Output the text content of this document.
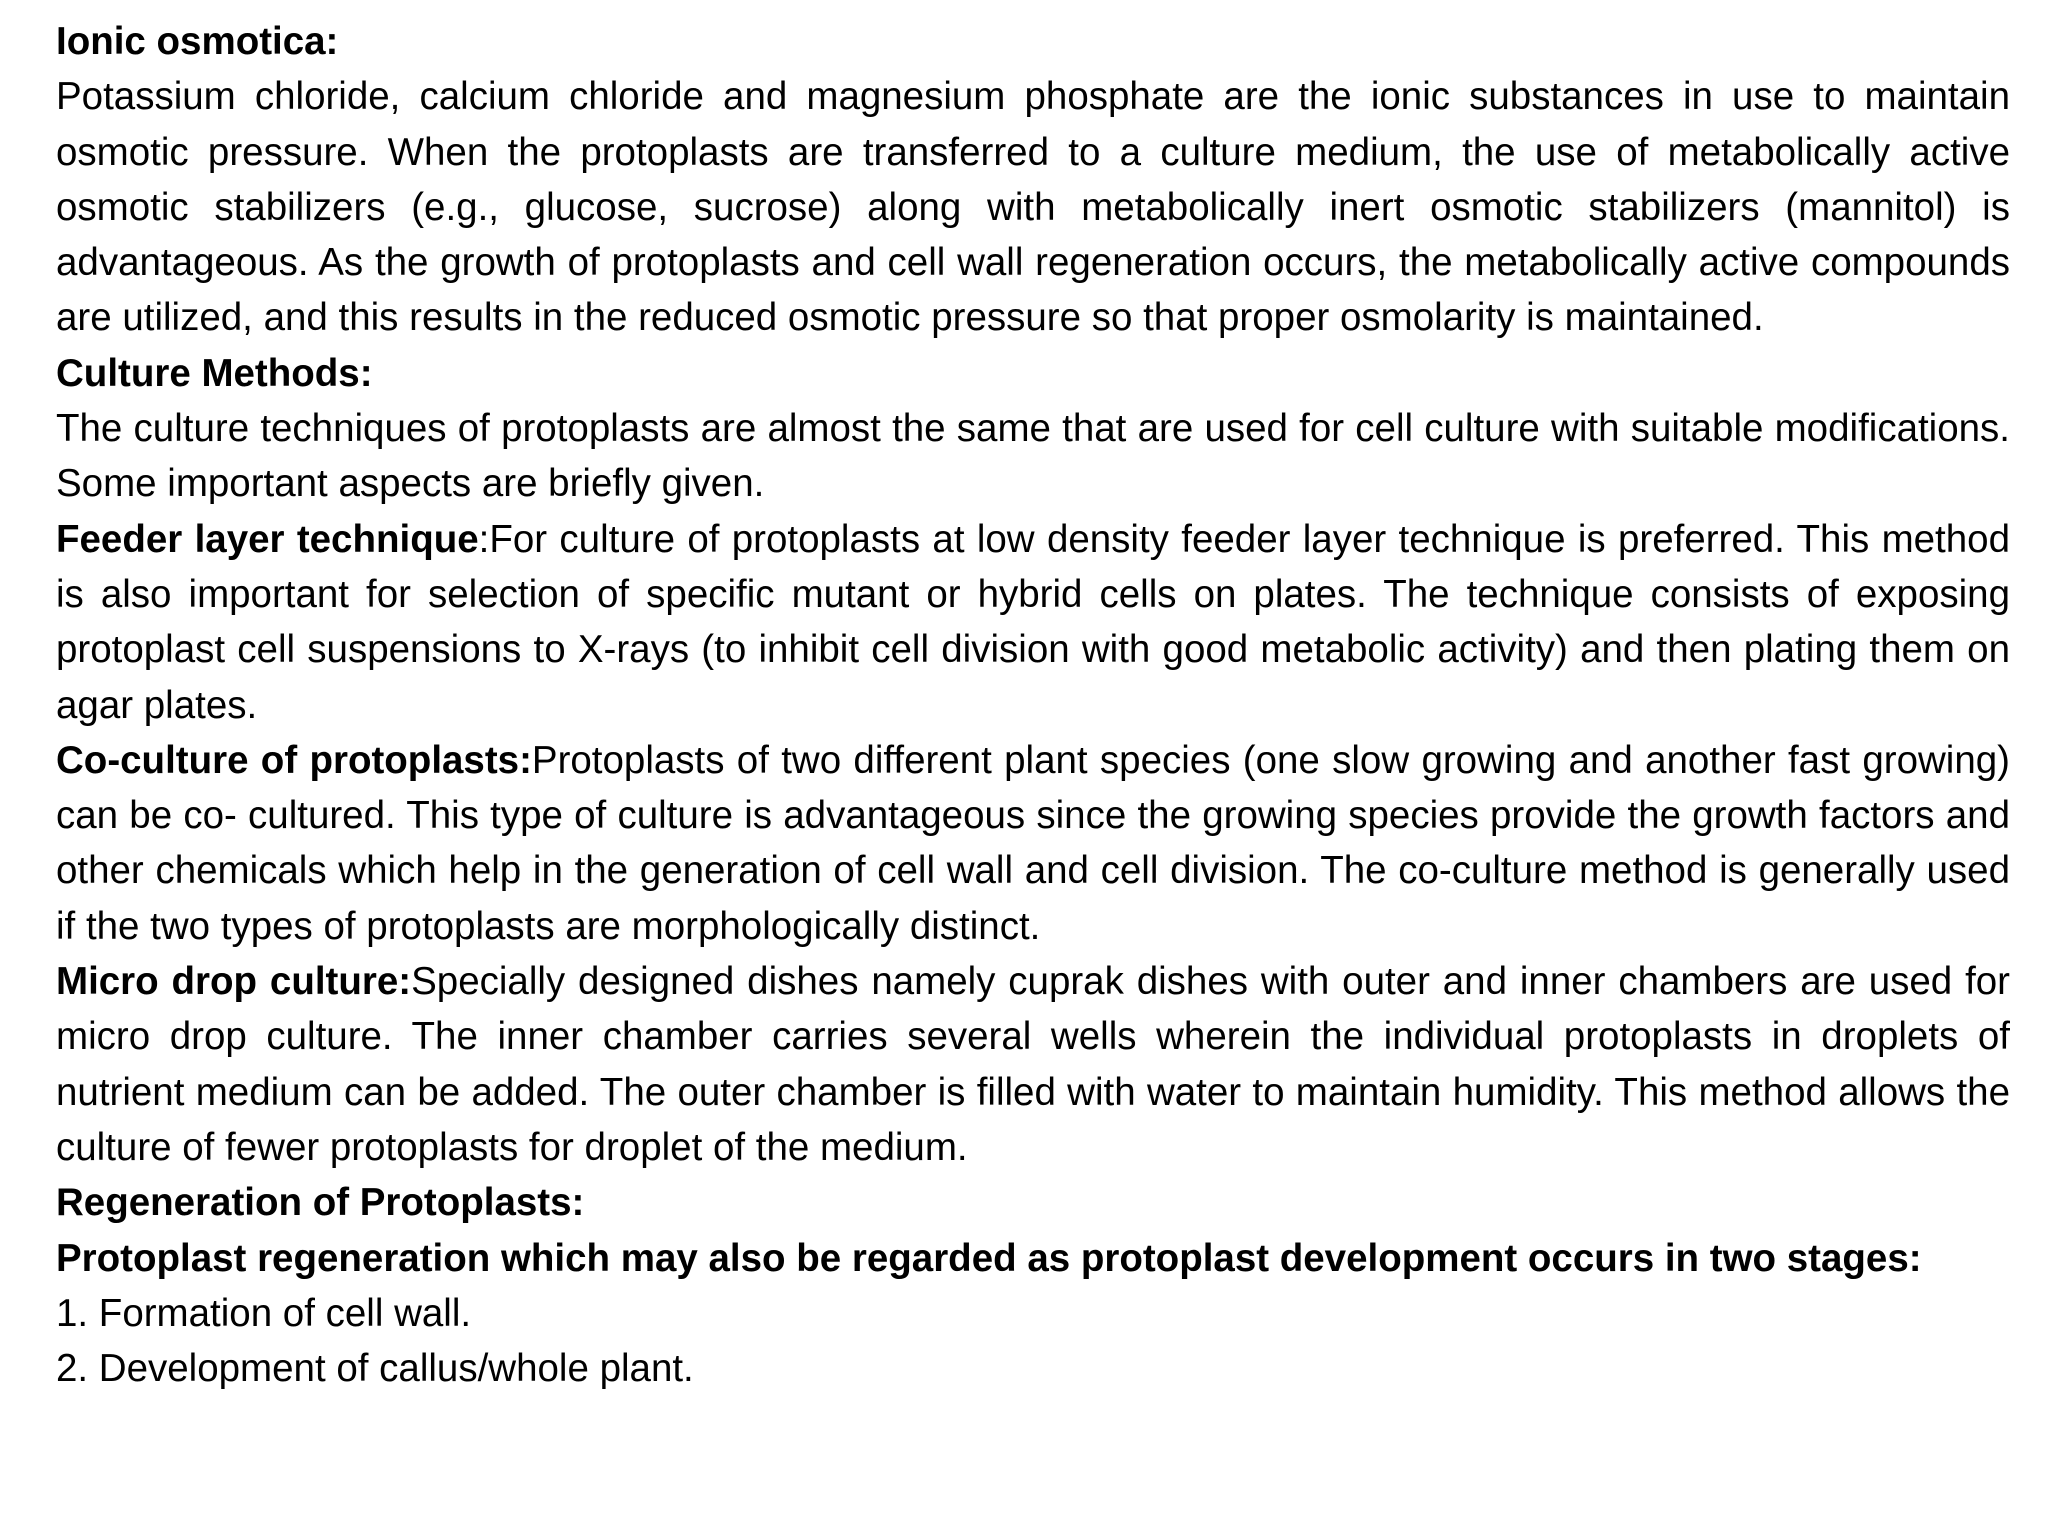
Ionic osmotica:
Potassium chloride, calcium chloride and magnesium phosphate are the ionic substances in use to maintain osmotic pressure. When the protoplasts are transferred to a culture medium, the use of metabolically active osmotic stabilizers (e.g., glucose, sucrose) along with metabolically inert osmotic stabilizers (mannitol) is advantageous. As the growth of protoplasts and cell wall regeneration occurs, the metabolically active compounds are utilized, and this results in the reduced osmotic pressure so that proper osmolarity is maintained.
Culture Methods:
The culture techniques of protoplasts are almost the same that are used for cell culture with suitable modifications. Some important aspects are briefly given.
Feeder layer technique:For culture of protoplasts at low density feeder layer technique is preferred. This method is also important for selection of specific mutant or hybrid cells on plates. The technique consists of exposing protoplast cell suspensions to X-rays (to inhibit cell division with good metabolic activity) and then plating them on agar plates.
Co-culture of protoplasts:Protoplasts of two different plant species (one slow growing and another fast growing) can be co- cultured. This type of culture is advantageous since the growing species provide the growth factors and other chemicals which help in the generation of cell wall and cell division. The co-culture method is generally used if the two types of protoplasts are morphologically distinct.
Micro drop culture:Specially designed dishes namely cuprak dishes with outer and inner chambers are used for micro drop culture. The inner chamber carries several wells wherein the individual protoplasts in droplets of nutrient medium can be added. The outer chamber is filled with water to maintain humidity. This method allows the culture of fewer protoplasts for droplet of the medium.
Regeneration of Protoplasts:
Protoplast regeneration which may also be regarded as protoplast development occurs in two stages:
1. Formation of cell wall.
2. Development of callus/whole plant.
